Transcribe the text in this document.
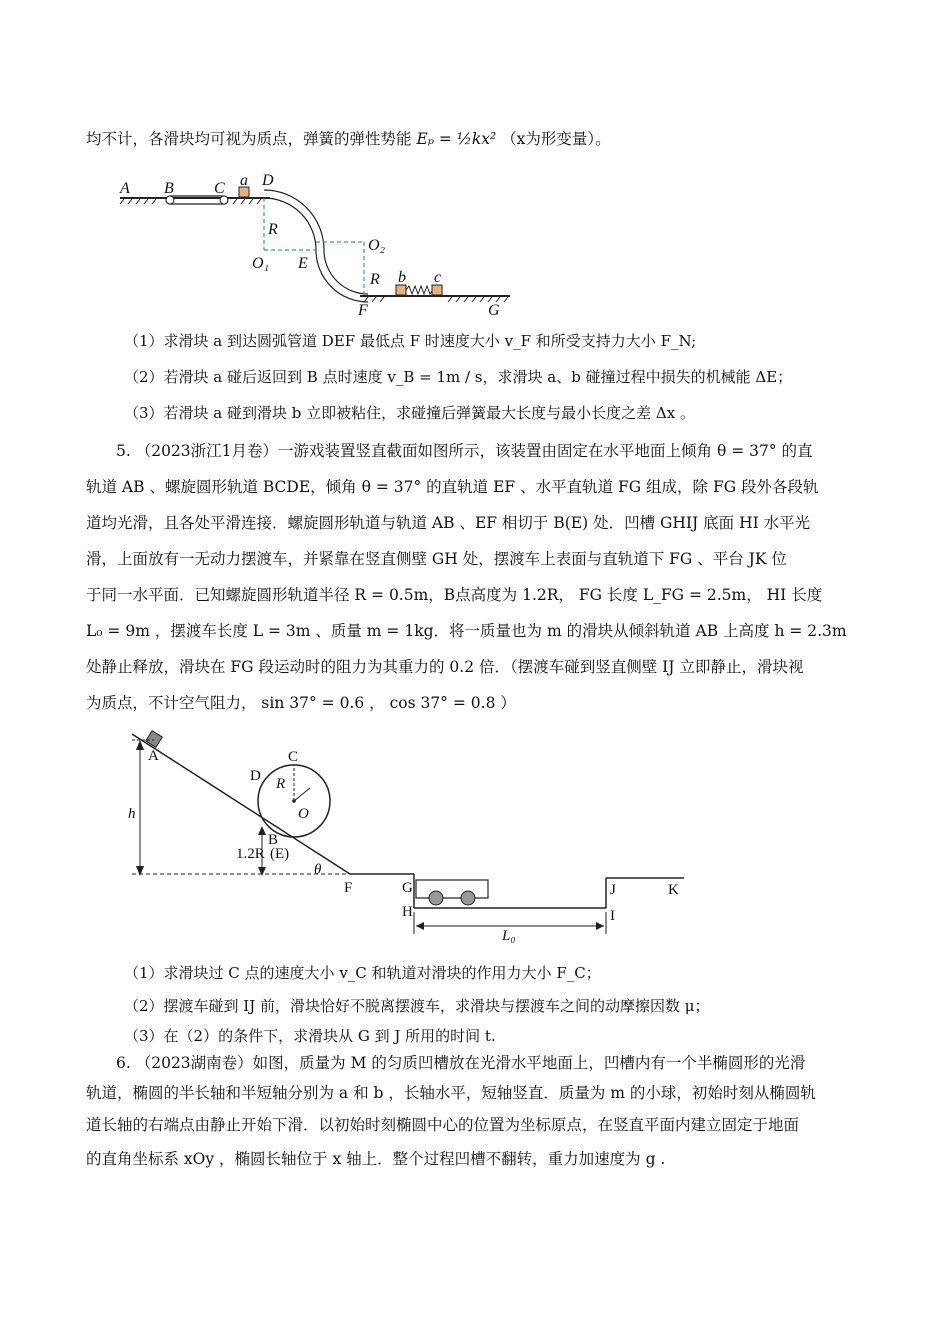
均不计，各滑块均可视为质点，弹簧的弹性势能 Eₚ = ½kx² （x为形变量）。
A B	C a D
R
O₁ E
O₂
R b c
F	G
（1）求滑块 a 到达圆弧管道 DEF 最低点 F 时速度大小 v_F 和所受支持力大小 F_N;
（2）若滑块 a 碰后返回到 B 点时速度 v_B = 1m / s，求滑块 a、b 碰撞过程中损失的机械能 ΔE；
（3）若滑块 a 碰到滑块 b 立即被粘住，求碰撞后弹簧最大长度与最小长度之差 Δx 。
5. （2023浙江1月卷）一游戏装置竖直截面如图所示，该装置由固定在水平地面上倾角 θ = 37° 的直
轨道 AB 、螺旋圆形轨道 BCDE，倾角 θ = 37° 的直轨道 EF 、水平直轨道 FG 组成，除 FG 段外各段轨
道均光滑，且各处平滑连接．螺旋圆形轨道与轨道 AB 、EF 相切于 B(E) 处．凹槽 GHIJ 底面 HI 水平光
滑，上面放有一无动力摆渡车，并紧靠在竖直侧壁 GH 处，摆渡车上表面与直轨道下 FG 、平台 JK 位
于同一水平面．已知螺旋圆形轨道半径 R = 0.5m，B点高度为 1.2R， FG 长度 L_FG = 2.5m， HI 长度
L₀ = 9m ，摆渡车长度 L = 3m 、质量 m = 1kg．将一质量也为 m 的滑块从倾斜轨道 AB 上高度 h = 2.3m
处静止释放，滑块在 FG 段运动时的阻力为其重力的 0.2 倍．（摆渡车碰到竖直侧壁 IJ 立即静止，滑块视
为质点，不计空气阻力， sin 37° = 0.6 ， cos 37° = 0.8 ）
A
h
C
D R
O
B
1.2R (E)
θ
F	G
H
J	K
I
L₀
（1）求滑块过 C 点的速度大小 v_C 和轨道对滑块的作用力大小 F_C；
（2）摆渡车碰到 IJ 前，滑块恰好不脱离摆渡车，求滑块与摆渡车之间的动摩擦因数 μ；
（3）在（2）的条件下，求滑块从 G 到 J 所用的时间 t.
6. （2023湖南卷）如图，质量为 M 的匀质凹槽放在光滑水平地面上，凹槽内有一个半椭圆形的光滑
轨道，椭圆的半长轴和半短轴分别为 a 和 b ，长轴水平，短轴竖直．质量为 m 的小球，初始时刻从椭圆轨
道长轴的右端点由静止开始下滑．以初始时刻椭圆中心的位置为坐标原点，在竖直平面内建立固定于地面
的直角坐标系 xOy ，椭圆长轴位于 x 轴上．整个过程凹槽不翻转，重力加速度为 g .
